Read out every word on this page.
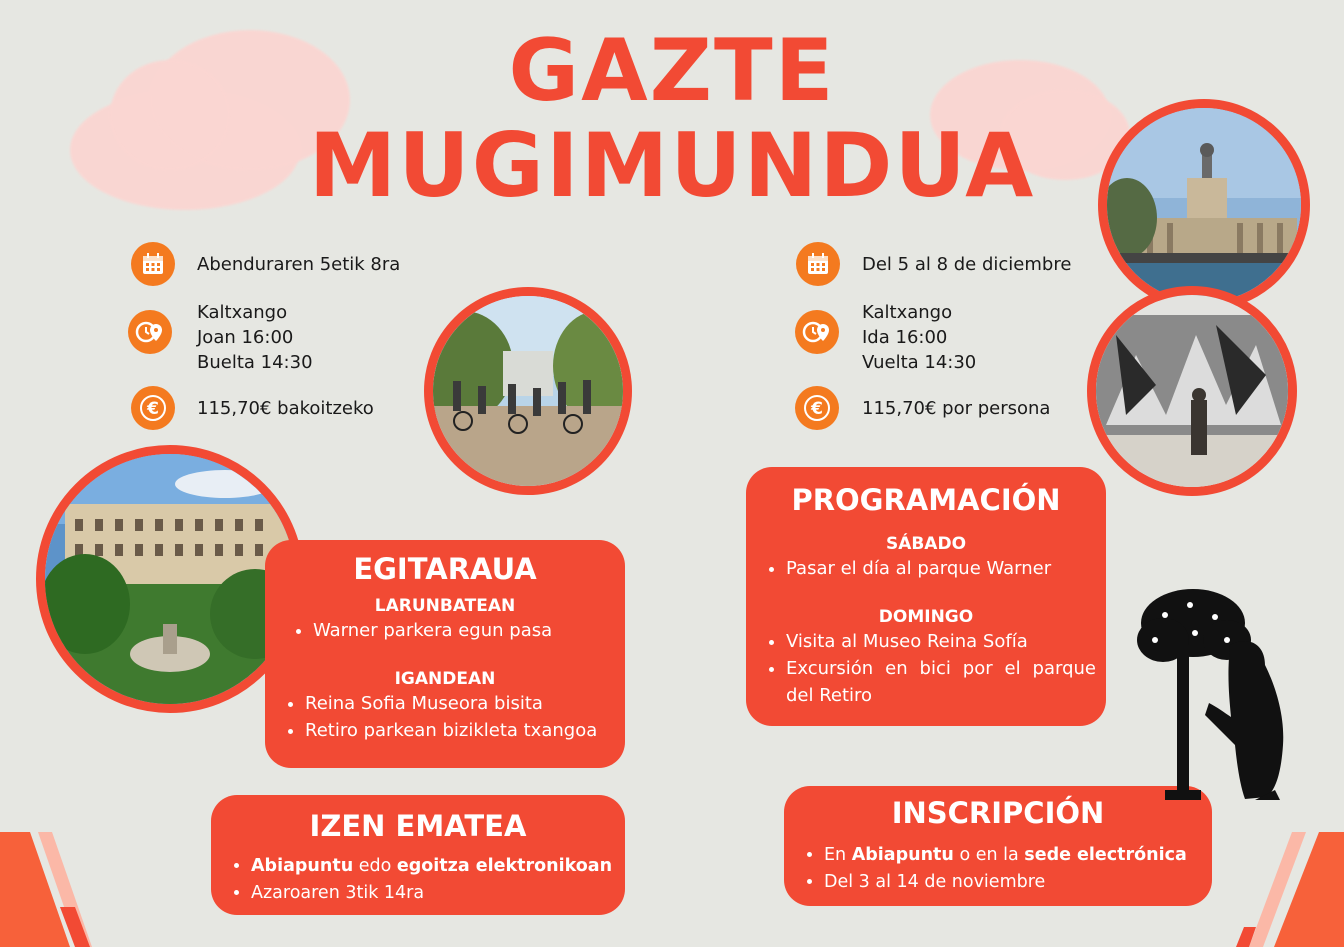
GAZTE
MUGIMUNDUA
Abenduraren 5etik 8ra
Kaltxango
Joan 16:00
Buelta 14:30
€ 115,70€ bakoitzeko
Del 5 al 8 de diciembre
Kaltxango
Ida 16:00
Vuelta 14:30
€ 115,70€ por persona
EGITARAUA

LARUNBATEAN

• Warner parkera egun pasa

IGANDEAN

• Reina Sofia Museora bisita
• Retiro parkean bizikleta txangoa
PROGRAMACIÓN

SÁBADO

• Pasar el día al parque Warner

DOMINGO

• Visita al Museo Reina Sofía
• Excursión en bici por el parque del Retiro
IZEN EMATEA
• Abiapuntu edo egoitza elektronikoan
• Azaroaren 3tik 14ra
INSCRIPCIÓN
• En Abiapuntu o en la sede electrónica
• Del 3 al 14 de noviembre
